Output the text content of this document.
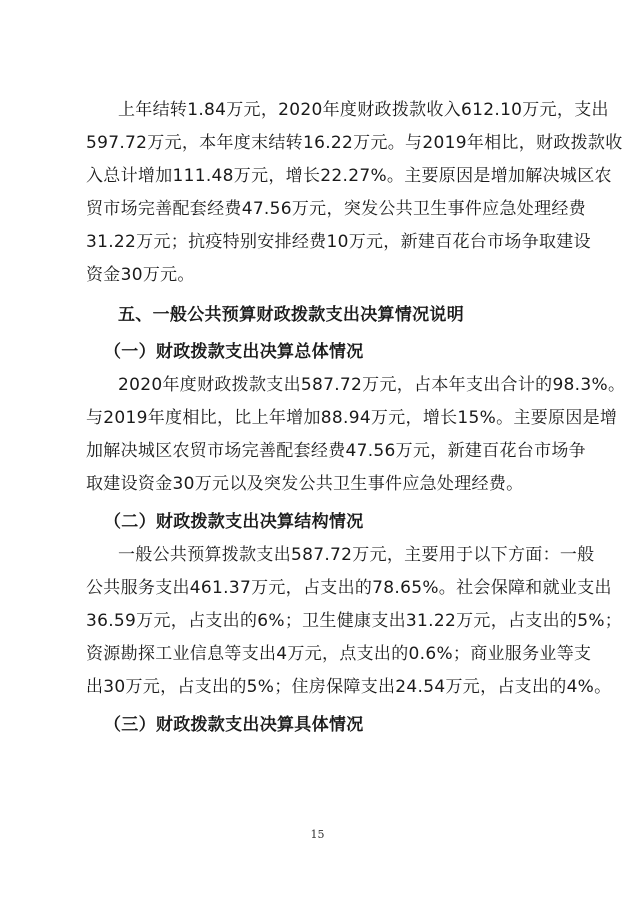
上年结转1.84万元，2020年度财政拨款收入612.10万元，支出
597.72万元，本年度末结转16.22万元。与2019年相比，财政拨款收
入总计增加111.48万元，增长22.27%。主要原因是增加解决城区农
贸市场完善配套经费47.56万元，突发公共卫生事件应急处理经费
31.22万元；抗疫特别安排经费10万元，新建百花台市场争取建设
资金30万元。
五、一般公共预算财政拨款支出决算情况说明
（一）财政拨款支出决算总体情况
2020年度财政拨款支出587.72万元，占本年支出合计的98.3%。
与2019年度相比，比上年增加88.94万元，增长15%。主要原因是增
加解决城区农贸市场完善配套经费47.56万元，新建百花台市场争
取建设资金30万元以及突发公共卫生事件应急处理经费。
（二）财政拨款支出决算结构情况
一般公共预算拨款支出587.72万元，主要用于以下方面：一般
公共服务支出461.37万元，占支出的78.65%。社会保障和就业支出
36.59万元，占支出的6%；卫生健康支出31.22万元，占支出的5%；
资源勘探工业信息等支出4万元，点支出的0.6%；商业服务业等支
出30万元，占支出的5%；住房保障支出24.54万元，占支出的4%。
（三）财政拨款支出决算具体情况
15
